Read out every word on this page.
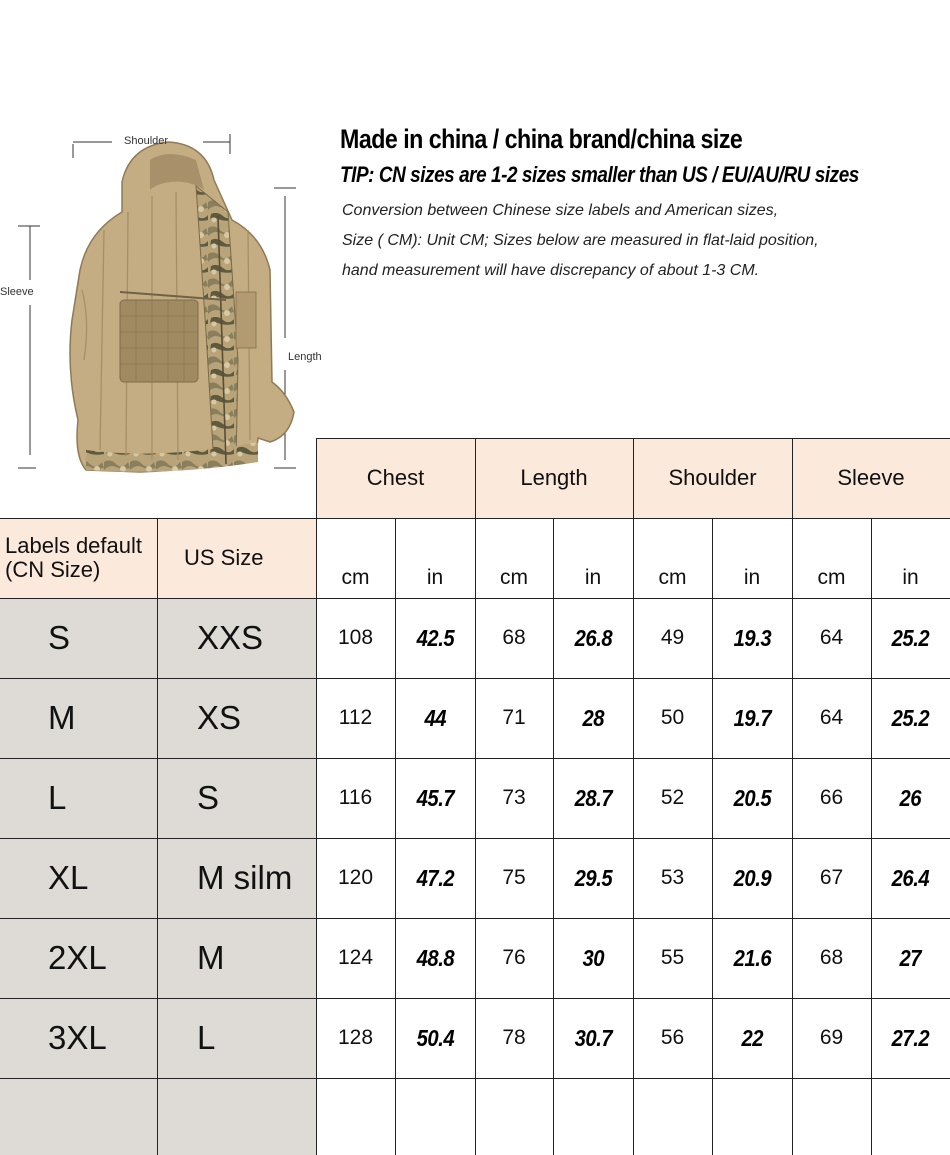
Made in china / china brand/china size
TIP: CN sizes are 1-2 sizes smaller than US / EU/AU/RU sizes
Conversion between Chinese size labels and American sizes,
Size ( CM): Unit CM; Sizes below are measured in flat-laid position,
hand measurement will have discrepancy of about 1-3 CM.
Shoulder
Sleeve
Length
Chest	Length	Shoulder	Sleeve
Labels default (CN Size)	US Size
cm	in	cm	in	cm	in	cm	in
S	XXS	108	42.5	68	26.8	49	19.3	64	25.2
M	XS	112	44	71	28	50	19.7	64	25.2
L	S	116	45.7	73	28.7	52	20.5	66	26
XL	M silm	120	47.2	75	29.5	53	20.9	67	26.4
2XL	M	124	48.8	76	30	55	21.6	68	27
3XL	L	128	50.4	78	30.7	56	22	69	27.2
